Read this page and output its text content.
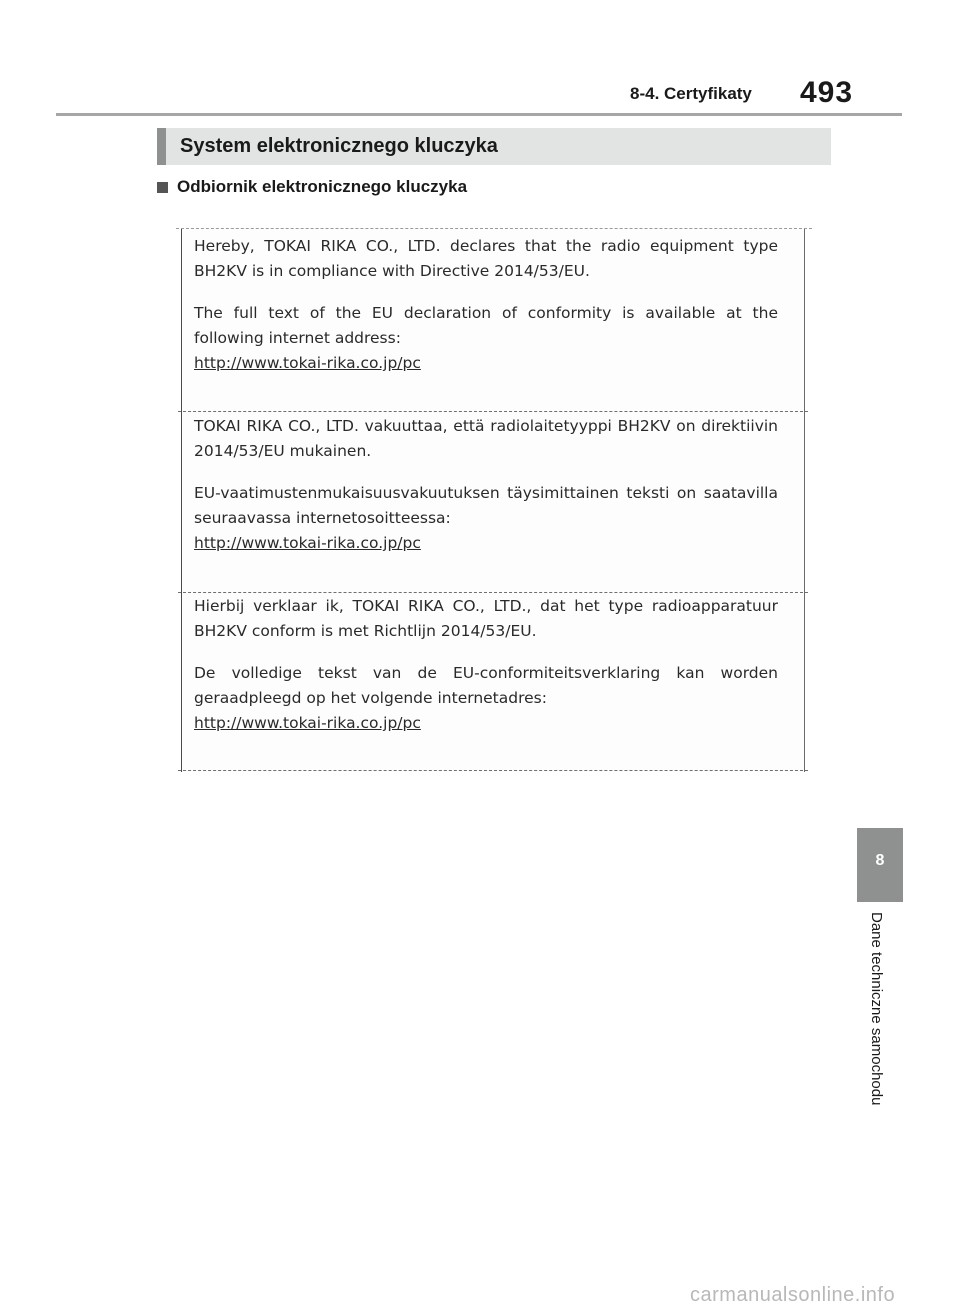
8-4. Certyfikaty 493
System elektronicznego kluczyka
Odbiornik elektronicznego kluczyka

Hereby, TOKAI RIKA CO., LTD. declares that the radio equipment type BH2KV is in compliance with Directive 2014/53/EU.

The full text of the EU declaration of conformity is available at the following internet address:

http://www.tokai-rika.co.jp/pc

TOKAI RIKA CO., LTD. vakuuttaa, että radiolaitetyyppi BH2KV on direktiivin 2014/53/EU mukainen.

EU-vaatimustenmukaisuusvakuutuksen täysimittainen teksti on saatavilla seuraavassa internetosoitteessa:

http://www.tokai-rika.co.jp/pc

Hierbij verklaar ik, TOKAI RIKA CO., LTD., dat het type radioapparatuur BH2KV conform is met Richtlijn 2014/53/EU.

De volledige tekst van de EU-conformiteitsverklaring kan worden geraadpleegd op het volgende internetadres:

http://www.tokai-rika.co.jp/pc
8
Dane techniczne samochodu
carmanualsonline.info
